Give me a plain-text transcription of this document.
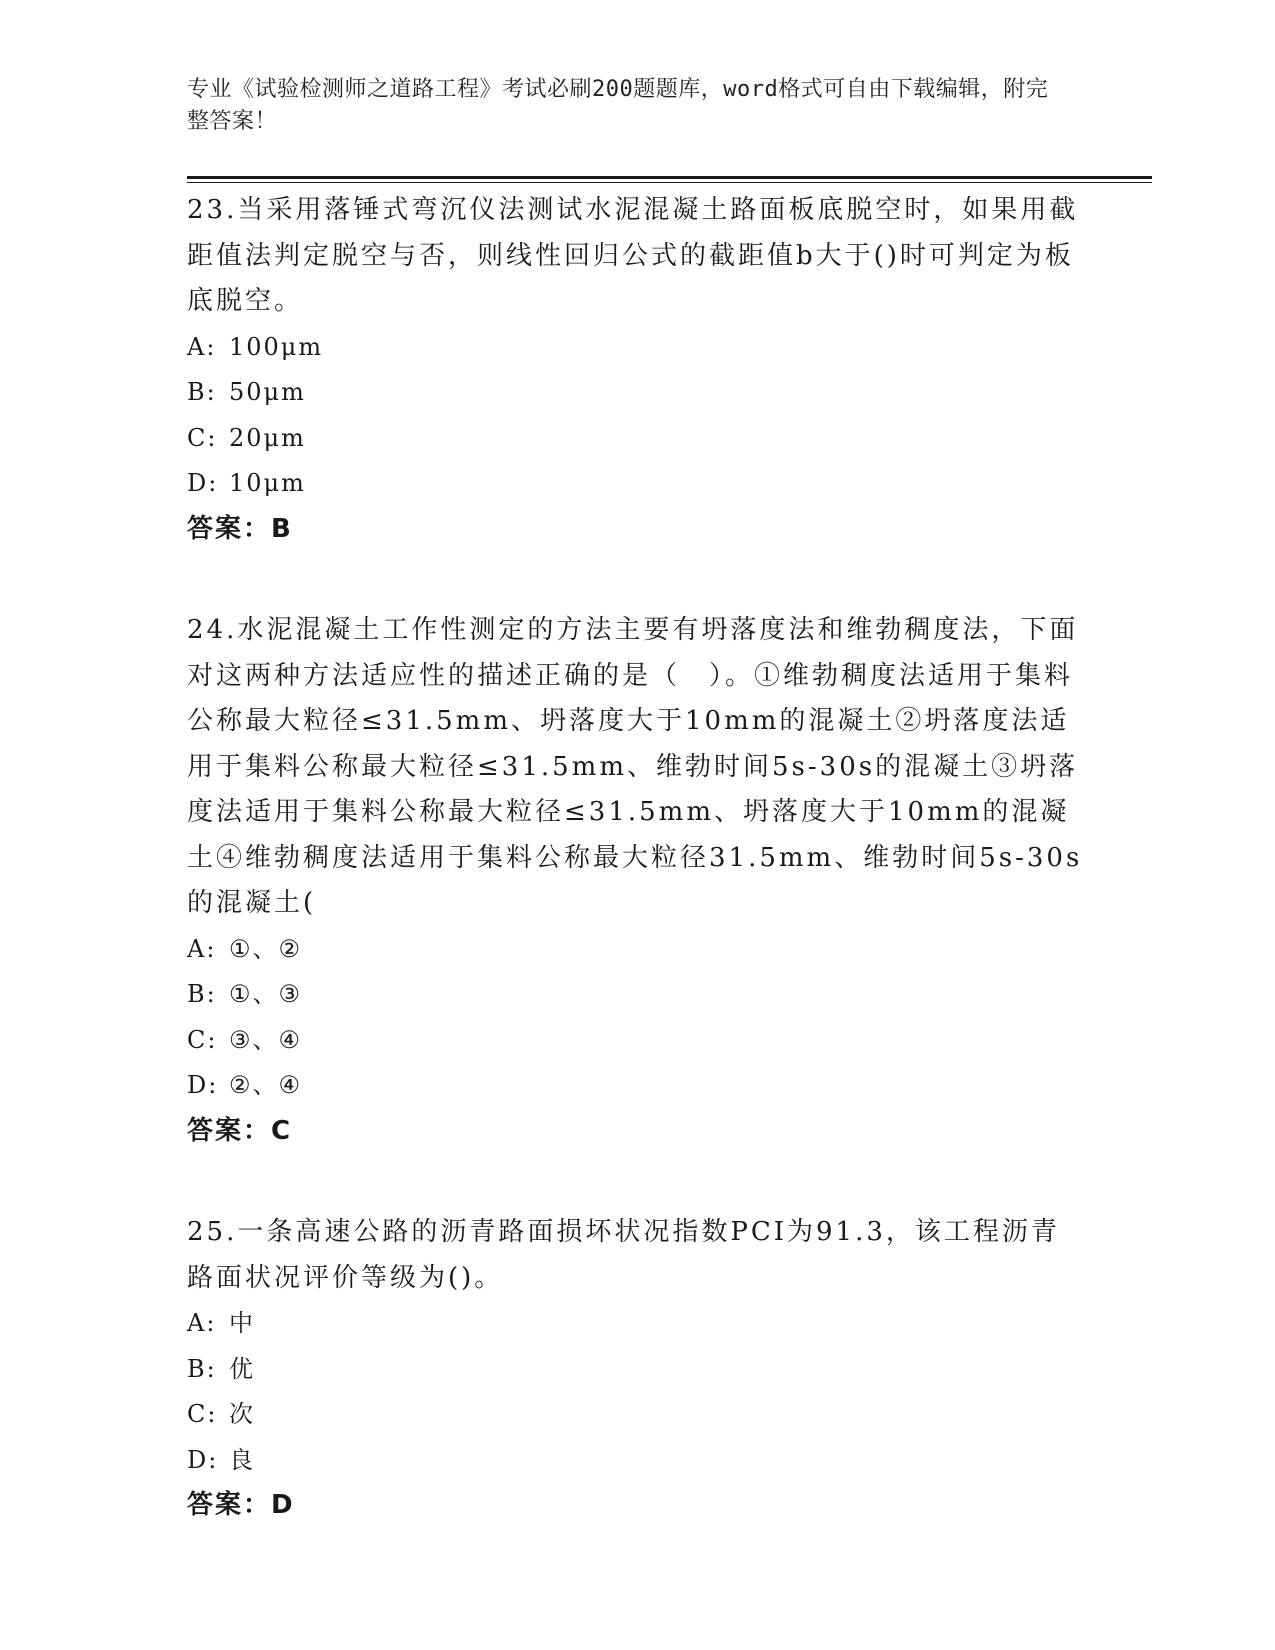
专业《试验检测师之道路工程》考试必刷200题题库，word格式可自由下载编辑，附完整答案！

23.当采用落锤式弯沉仪法测试水泥混凝土路面板底脱空时，如果用截距值法判定脱空与否，则线性回归公式的截距值b大于()时可判定为板底脱空。

A: 100μm
B: 50μm
C: 20μm
D: 10μm

答案：B

24.水泥混凝土工作性测定的方法主要有坍落度法和维勃稠度法，下面对这两种方法适应性的描述正确的是（　）。①维勃稠度法适用于集料公称最大粒径≤31.5mm、坍落度大于10mm的混凝土②坍落度法适用于集料公称最大粒径≤31.5mm、维勃时间5s-30s的混凝土③坍落度法适用于集料公称最大粒径≤31.5mm、坍落度大于10mm的混凝土④维勃稠度法适用于集料公称最大粒径31.5mm、维勃时间5s-30s的混凝土(

A: ①、②
B: ①、③
C: ③、④
D: ②、④

答案：C

25.一条高速公路的沥青路面损坏状况指数PCI为91.3，该工程沥青路面状况评价等级为()。

A: 中
B: 优
C: 次
D: 良

答案：D
